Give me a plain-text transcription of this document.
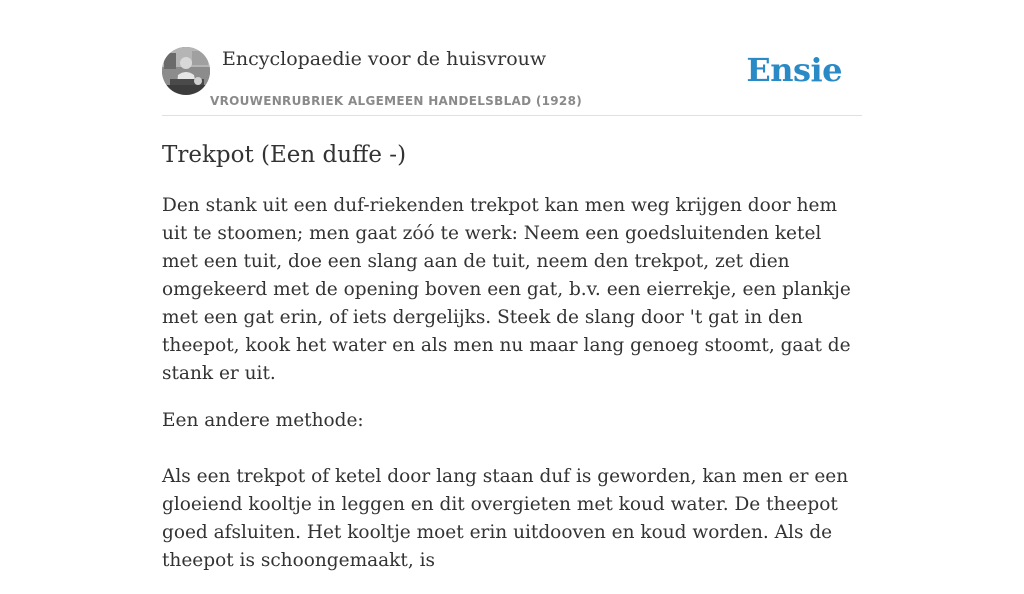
Encyclopaedie voor de huisvrouw
VROUWENRUBRIEK ALGEMEEN HANDELSBLAD (1928)
Ensie
Trekpot (Een duffe -)

Den stank uit een duf-riekenden trekpot kan men weg krijgen door hem uit te stoomen; men gaat zóó te werk: Neem een goedsluitenden ketel met een tuit, doe een slang aan de tuit, neem den trekpot, zet dien omgekeerd met de opening boven een gat, b.v. een eierrekje, een plankje met een gat erin, of iets dergelijks. Steek de slang door 't gat in den theepot, kook het water en als men nu maar lang genoeg stoomt, gaat de stank er uit.

Een andere methode:

Als een trekpot of ketel door lang staan duf is geworden, kan men er een gloeiend kooltje in leggen en dit overgieten met koud water. De theepot goed afsluiten. Het kooltje moet erin uitdooven en koud worden. Als de theepot is schoongemaakt, is
